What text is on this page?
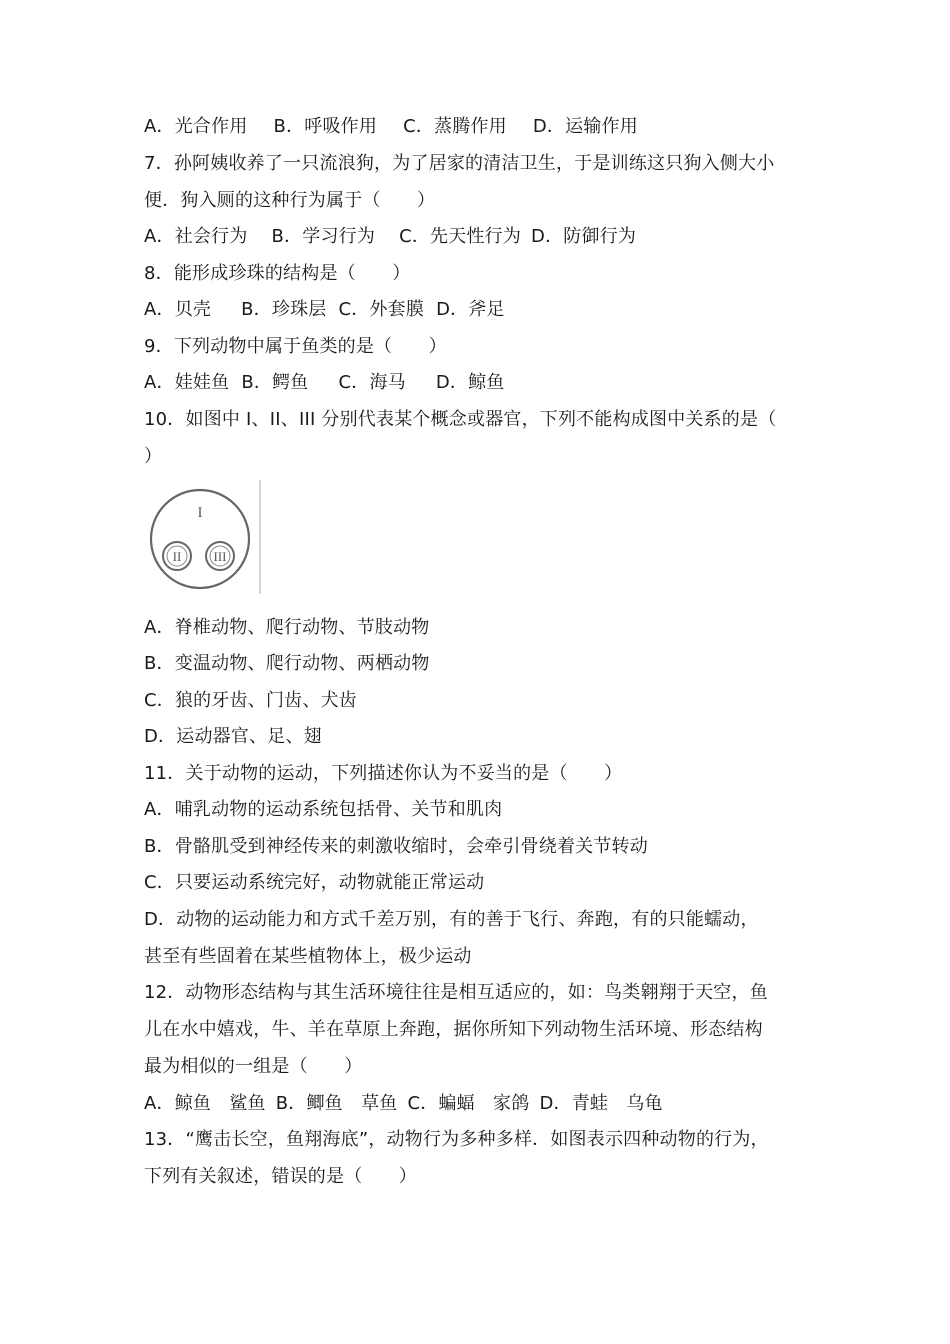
A．光合作用 B．呼吸作用 C．蒸腾作用 D．运输作用
7．孙阿姨收养了一只流浪狗，为了居家的清洁卫生，于是训练这只狗入侧大小
便．狗入厕的这种行为属于（　　）
A．社会行为 B．学习行为 C．先天性行为 D．防御行为
8．能形成珍珠的结构是（　　）
A．贝壳 B．珍珠层 C．外套膜 D．斧足
9．下列动物中属于鱼类的是（　　）
A．娃娃鱼 B．鳄鱼 C．海马 D．鲸鱼
10．如图中 I、II、III 分别代表某个概念或器官，下列不能构成图中关系的是（
）
I
II III
A．脊椎动物、爬行动物、节肢动物
B．变温动物、爬行动物、两栖动物
C．狼的牙齿、门齿、犬齿
D．运动器官、足、翅
11．关于动物的运动，下列描述你认为不妥当的是（　　）
A．哺乳动物的运动系统包括骨、关节和肌肉
B．骨骼肌受到神经传来的刺激收缩时，会牵引骨绕着关节转动
C．只要运动系统完好，动物就能正常运动
D．动物的运动能力和方式千差万别，有的善于飞行、奔跑，有的只能蠕动，
甚至有些固着在某些植物体上，极少运动
12．动物形态结构与其生活环境往往是相互适应的，如：鸟类翱翔于天空，鱼
儿在水中嬉戏，牛、羊在草原上奔跑，据你所知下列动物生活环境、形态结构
最为相似的一组是（　　）
A．鲸鱼　鲨鱼 B．鲫鱼　草鱼 C．蝙蝠　家鸽 D．青蛙　乌龟
13．“鹰击长空，鱼翔海底”，动物行为多种多样．如图表示四种动物的行为，
下列有关叙述，错误的是（　　）
